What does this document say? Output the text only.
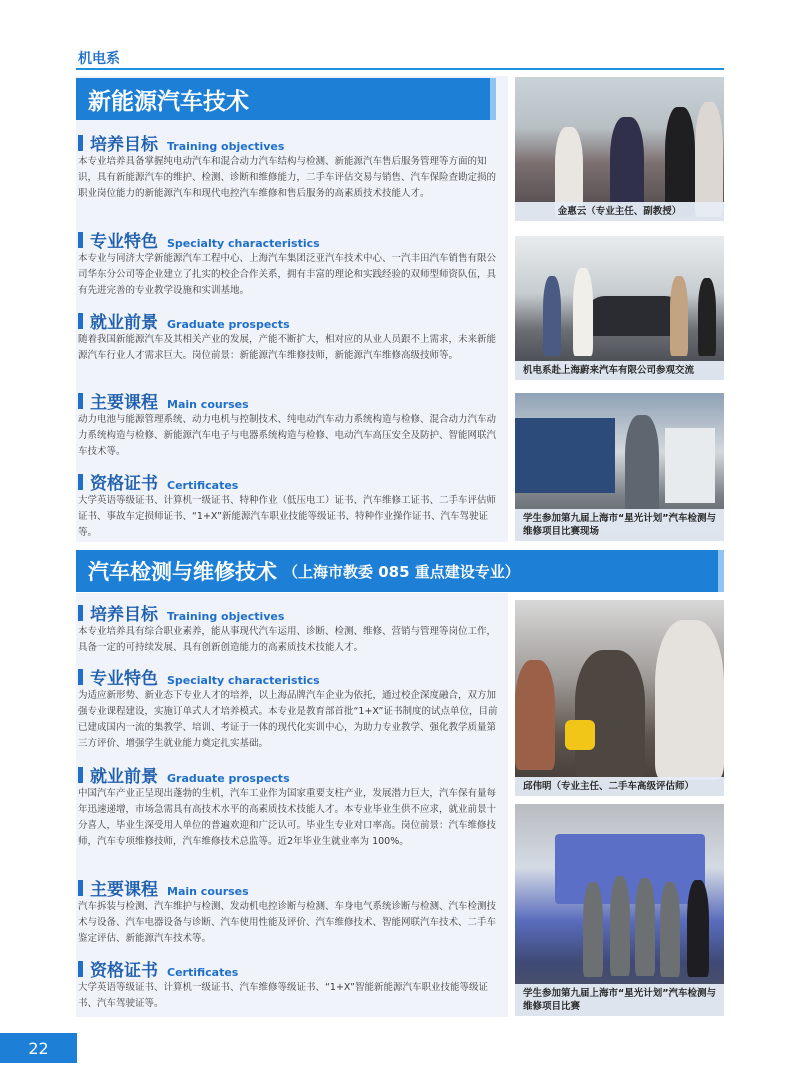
机电系
新能源汽车技术
培养目标 Training objectives
本专业培养具备掌握纯电动汽车和混合动力汽车结构与检测、新能源汽车售后服务管理等方面的知识，具有新能源汽车的维护、检测、诊断和维修能力，二手车评估交易与销售、汽车保险查勘定损的职业岗位能力的新能源汽车和现代电控汽车维修和售后服务的高素质技术技能人才。
专业特色 Specialty characteristics
本专业与同济大学新能源汽车工程中心、上海汽车集团泛亚汽车技术中心、一汽丰田汽车销售有限公司华东分公司等企业建立了扎实的校企合作关系，拥有丰富的理论和实践经验的双师型师资队伍，具有先进完善的专业教学设施和实训基地。
就业前景 Graduate prospects
随着我国新能源汽车及其相关产业的发展，产能不断扩大，相对应的从业人员跟不上需求，未来新能源汽车行业人才需求巨大。岗位前景：新能源汽车维修技师，新能源汽车维修高级技师等。
主要课程 Main courses
动力电池与能源管理系统、动力电机与控制技术、纯电动汽车动力系统构造与检修、混合动力汽车动力系统构造与检修、新能源汽车电子与电器系统构造与检修、电动汽车高压安全及防护、智能网联汽车技术等。
资格证书 Certificates
大学英语等级证书、计算机一级证书、特种作业（低压电工）证书、汽车维修工证书、二手车评估师证书、事故车定损师证书、“1+X”新能源汽车职业技能等级证书、特种作业操作证书、汽车驾驶证等。
金惠云（专业主任、副教授）
机电系赴上海蔚来汽车有限公司参观交流
学生参加第九届上海市“星光计划”汽车检测与维修项目比赛现场
汽车检测与维修技术 （上海市教委 085 重点建设专业）
培养目标 Training objectives
本专业培养具有综合职业素养，能从事现代汽车运用、诊断、检测、维修、营销与管理等岗位工作，具备一定的可持续发展、具有创新创造能力的高素质技术技能人才。
专业特色 Specialty characteristics
为适应新形势、新业态下专业人才的培养，以上海品牌汽车企业为依托，通过校企深度融合，双方加强专业课程建设，实施订单式人才培养模式。本专业是教育部首批“1+X”证书制度的试点单位，目前已建成国内一流的集教学、培训、考证于一体的现代化实训中心，为助力专业教学、强化教学质量第三方评价、增强学生就业能力奠定扎实基础。
就业前景 Graduate prospects
中国汽车产业正呈现出蓬勃的生机，汽车工业作为国家重要支柱产业，发展潜力巨大，汽车保有量每年迅速递增，市场急需具有高技术水平的高素质技术技能人才。本专业毕业生供不应求，就业前景十分喜人，毕业生深受用人单位的普遍欢迎和广泛认可。毕业生专业对口率高。岗位前景：汽车维修技师，汽车专项维修技师，汽车维修技术总监等。近2年毕业生就业率为 100%。
主要课程 Main courses
汽车拆装与检测、汽车维护与检测、发动机电控诊断与检测、车身电气系统诊断与检测、汽车检测技术与设备、汽车电器设备与诊断、汽车使用性能及评价、汽车维修技术、智能网联汽车技术、二手车鉴定评估、新能源汽车技术等。
资格证书 Certificates
大学英语等级证书、计算机一级证书、汽车维修等级证书、“1+X”智能新能源汽车职业技能等级证书、汽车驾驶证等。
邱伟明（专业主任、二手车高级评估师）
学生参加第九届上海市“星光计划”汽车检测与维修项目比赛
22
